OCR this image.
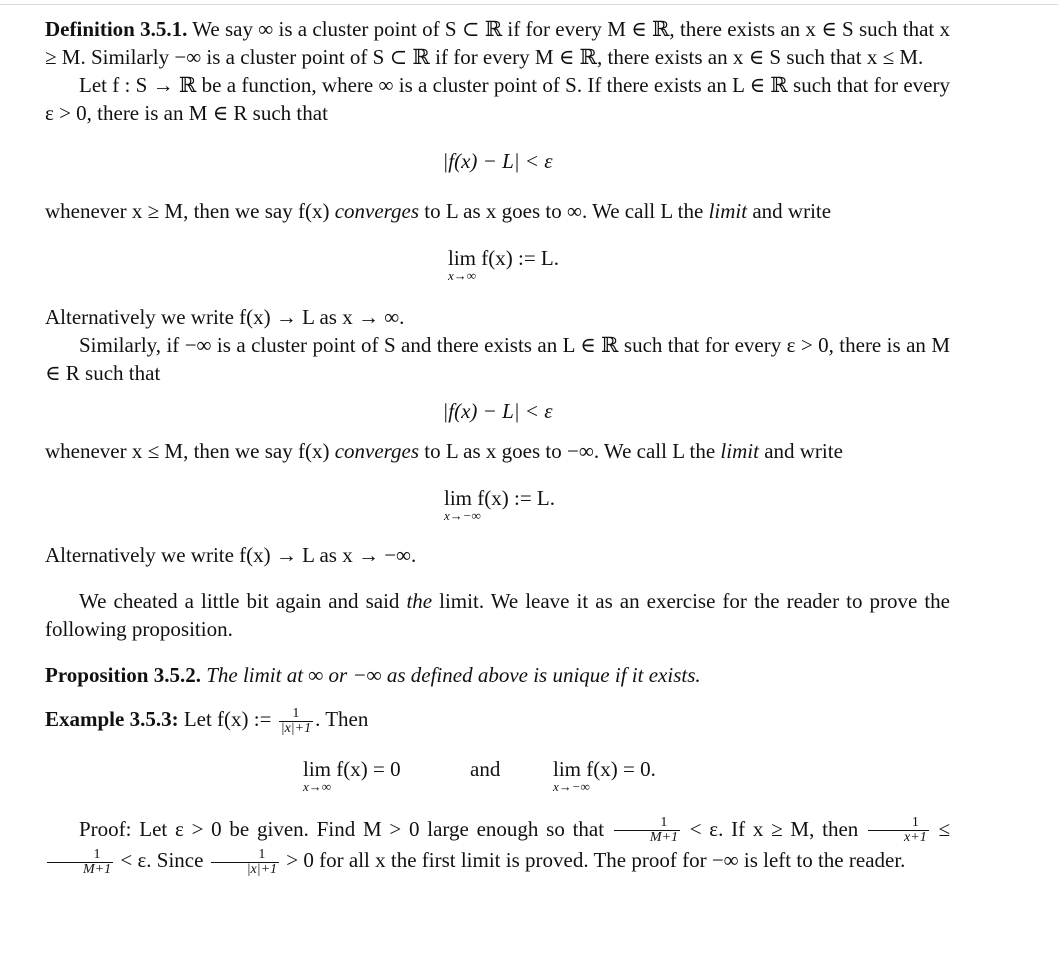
Definition 3.5.1. We say ∞ is a cluster point of S ⊂ ℝ if for every M ∈ ℝ, there exists an x ∈ S such that x ≥ M. Similarly −∞ is a cluster point of S ⊂ ℝ if for every M ∈ ℝ, there exists an x ∈ S such that x ≤ M.

Let f : S → ℝ be a function, where ∞ is a cluster point of S. If there exists an L ∈ ℝ such that for every ε > 0, there is an M ∈ R such that

|f(x) − L| < ε

whenever x ≥ M, then we say f(x) converges to L as x goes to ∞. We call L the limit and write

lim f(x) := L.
x→∞

Alternatively we write f(x) → L as x → ∞.

Similarly, if −∞ is a cluster point of S and there exists an L ∈ ℝ such that for every ε > 0, there is an M ∈ R such that

|f(x) − L| < ε

whenever x ≤ M, then we say f(x) converges to L as x goes to −∞. We call L the limit and write

lim f(x) := L.
x→−∞

Alternatively we write f(x) → L as x → −∞.

We cheated a little bit again and said the limit. We leave it as an exercise for the reader to prove the following proposition.

Proposition 3.5.2. The limit at ∞ or −∞ as defined above is unique if it exists.

Example 3.5.3: Let f(x) := $\frac{1}{|x|+1}$ . Then

lim f(x) = 0
x→∞
and	lim f(x) = 0.
x→−∞

Proof: Let ε > 0 be given. Find M > 0 large enough so that $\frac{1}{M+1} < \varepsilon$. If x ≥ M, then $\frac{1}{x+1}$ ≤
$\frac{1}{M+1} < \varepsilon$. Since $\frac{1}{|x|+1} > 0$ for all x the first limit is proved. The proof for −∞ is left to the reader.
